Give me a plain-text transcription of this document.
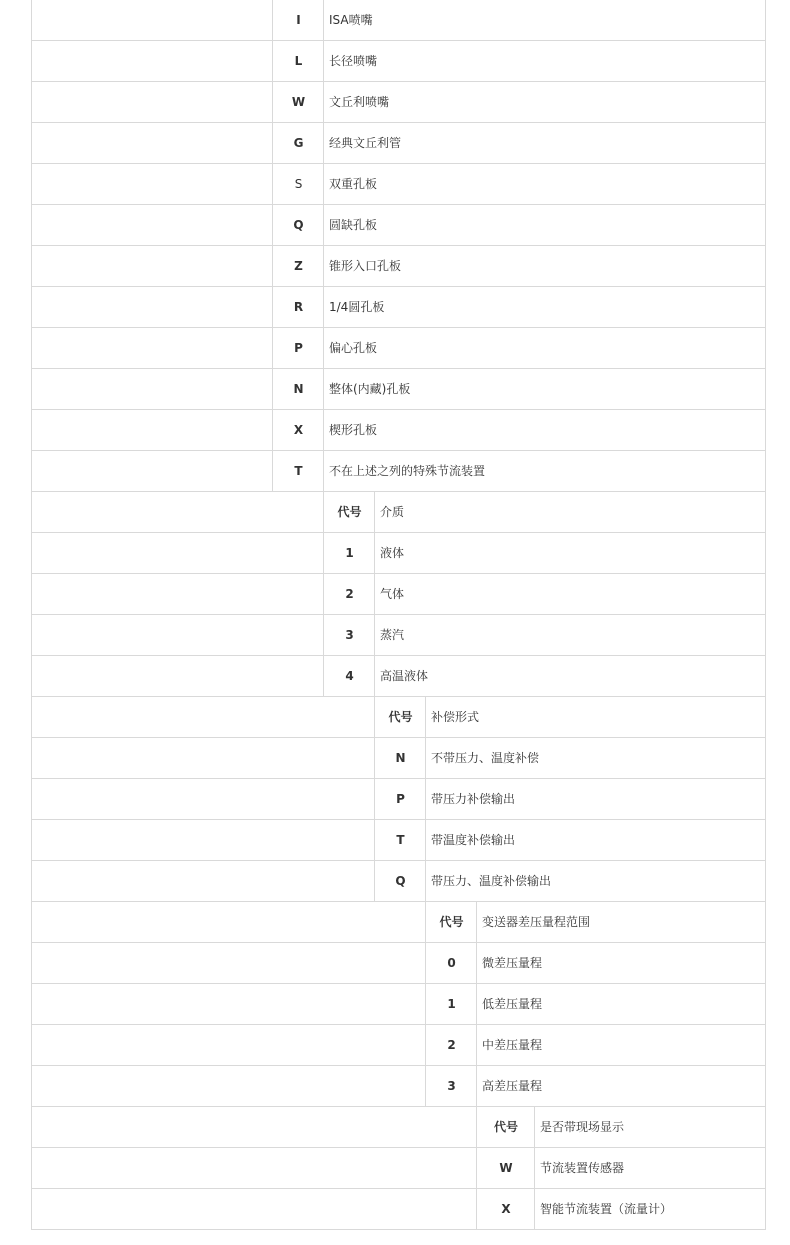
I	ISA喷嘴
L	长径喷嘴
W	文丘利喷嘴
G	经典文丘利管
S	双重孔板
Q	圆缺孔板
Z	锥形入口孔板
R	1/4圆孔板
P	偏心孔板
N	整体(内藏)孔板
X	楔形孔板
T	不在上述之列的特殊节流装置
代号	介质
1	液体
2	气体
3	蒸汽
4	高温液体
代号	补偿形式
N	不带压力、温度补偿
P	带压力补偿输出
T	带温度补偿输出
Q	带压力、温度补偿输出
代号	变送器差压量程范围
0	微差压量程
1	低差压量程
2	中差压量程
3	高差压量程
代号	是否带现场显示
W	节流装置传感器
X	智能节流装置（流量计）
